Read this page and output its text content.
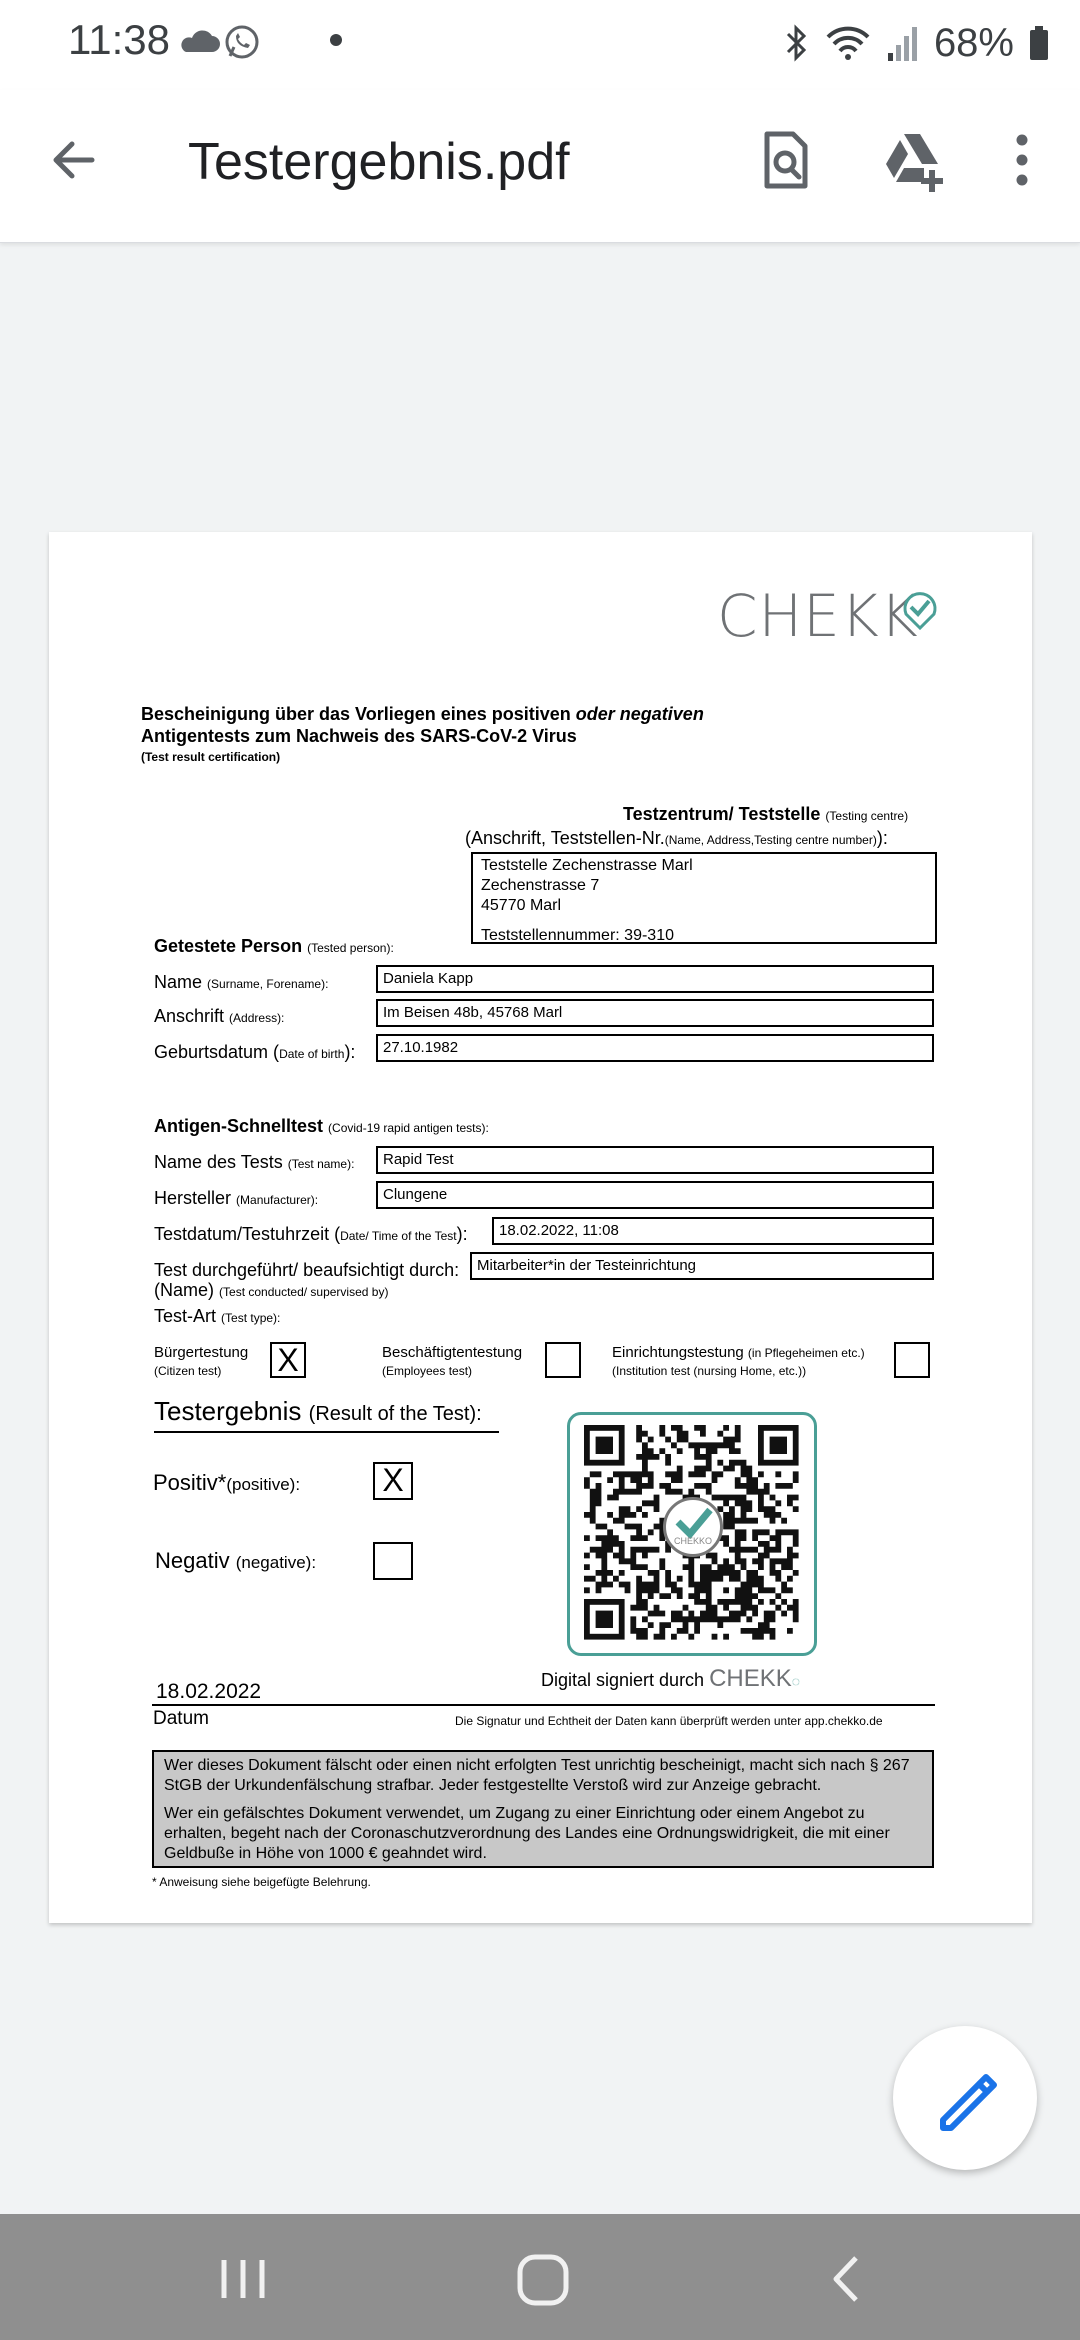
11:38	68%
Testergebnis.pdf
CHEKK
Bescheinigung über das Vorliegen eines positiven oder negativen
Antigentests zum Nachweis des SARS-CoV-2 Virus
(Test result certification)
Testzentrum/ Teststelle (Testing centre)
(Anschrift, Teststellen-Nr.(Name, Address,Testing centre number)):
Teststelle Zechenstrasse Marl
Zechenstrasse 7
45770 Marl
Teststellennummer: 39-310
Getestete Person (Tested person):
Name (Surname, Forename):	Daniela Kapp
Anschrift (Address):	Im Beisen 48b, 45768 Marl
Geburtsdatum (Date of birth):	27.10.1982
Antigen-Schnelltest (Covid-19 rapid antigen tests):
Name des Tests (Test name):	Rapid Test
Hersteller (Manufacturer):	Clungene
Testdatum/Testuhrzeit (Date/ Time of the Test):	18.02.2022, 11:08
Test durchgeführt/ beaufsichtigt durch:
(Name) (Test conducted/ supervised by)
Mitarbeiter*in der Testeinrichtung
Test-Art (Test type):
Bürgertestung
(Citizen test) X	Beschäftigtentestung
(Employees test)
Einrichtungstestung (in Pflegeheimen etc.)
(Institution test (nursing Home, etc.))
Testergebnis (Result of the Test):
Positiv*(positive):	X
Negativ (negative):
CHEKKO
Digital signiert durch CHEKK◌
18.02.2022
Datum	Die Signatur und Echtheit der Daten kann überprüft werden unter app.chekko.de
Wer dieses Dokument fälscht oder einen nicht erfolgten Test unrichtig bescheinigt, macht sich nach § 267 StGB der Urkundenfälschung strafbar. Jeder festgestellte Verstoß wird zur Anzeige gebracht.
Wer ein gefälschtes Dokument verwendet, um Zugang zu einer Einrichtung oder einem Angebot zu erhalten, begeht nach der Coronaschutzverordnung des Landes eine Ordnungswidrigkeit, die mit einer Geldbuße in Höhe von 1000 € geahndet wird.
* Anweisung siehe beigefügte Belehrung.
